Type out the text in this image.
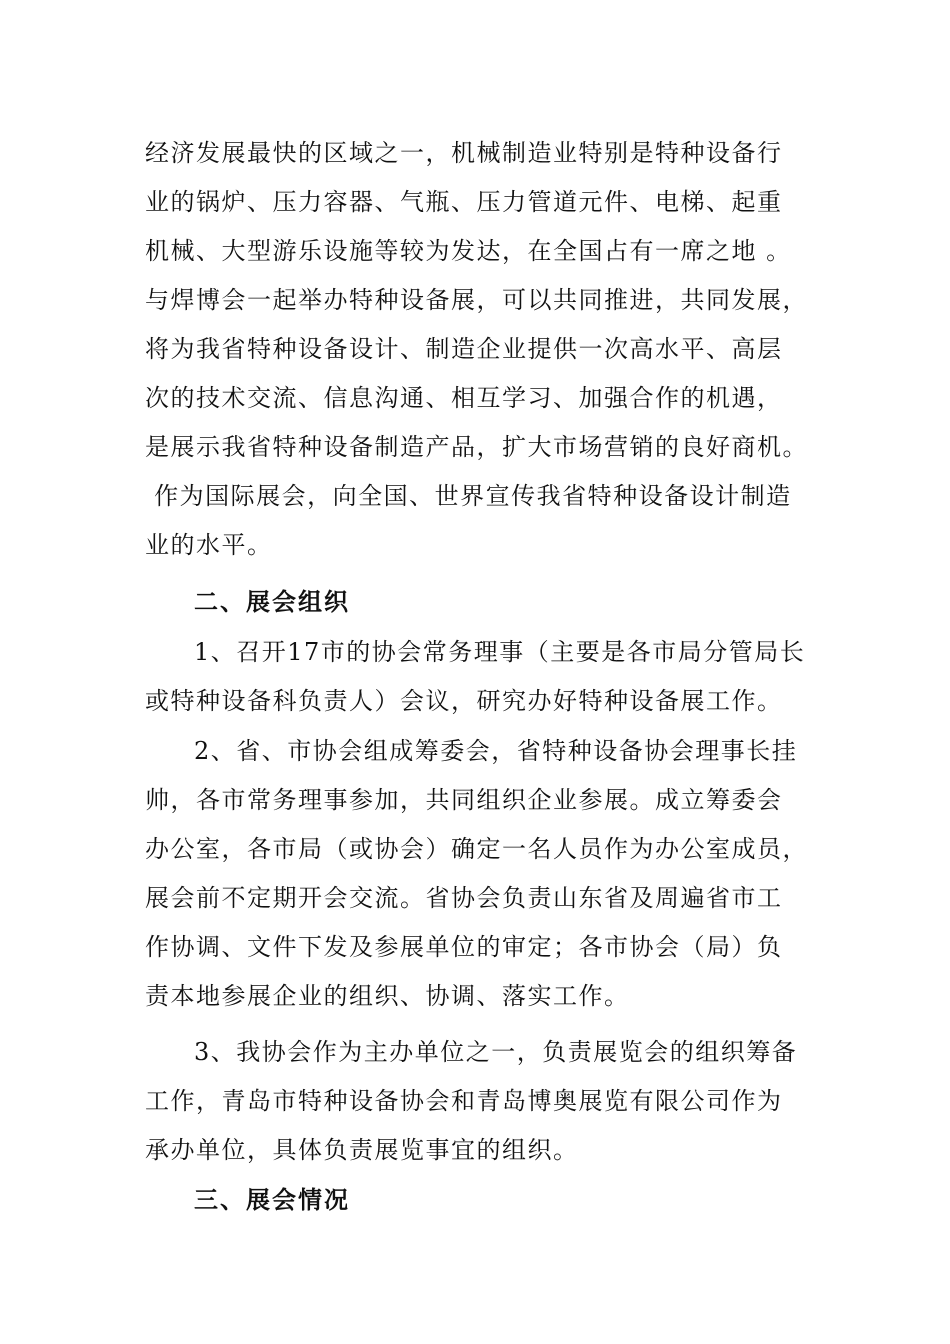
经济发展最快的区域之一，机械制造业特别是特种设备行
业的锅炉、压力容器、气瓶、压力管道元件、电梯、起重
机械、大型游乐设施等较为发达，在全国占有一席之地 。
与焊博会一起举办特种设备展，可以共同推进，共同发展，
将为我省特种设备设计、制造企业提供一次高水平、高层
次的技术交流、信息沟通、相互学习、加强合作的机遇，
是展示我省特种设备制造产品，扩大市场营销的良好商机。
作为国际展会，向全国、世界宣传我省特种设备设计制造
业的水平。
二、展会组织
1、召开17市的协会常务理事（主要是各市局分管局长
或特种设备科负责人）会议，研究办好特种设备展工作。
2、省、市协会组成筹委会，省特种设备协会理事长挂
帅，各市常务理事参加，共同组织企业参展。成立筹委会
办公室，各市局（或协会）确定一名人员作为办公室成员，
展会前不定期开会交流。省协会负责山东省及周遍省市工
作协调、文件下发及参展单位的审定；各市协会（局）负
责本地参展企业的组织、协调、落实工作。
3、我协会作为主办单位之一，负责展览会的组织筹备
工作，青岛市特种设备协会和青岛博奥展览有限公司作为
承办单位，具体负责展览事宜的组织。
三、展会情况
